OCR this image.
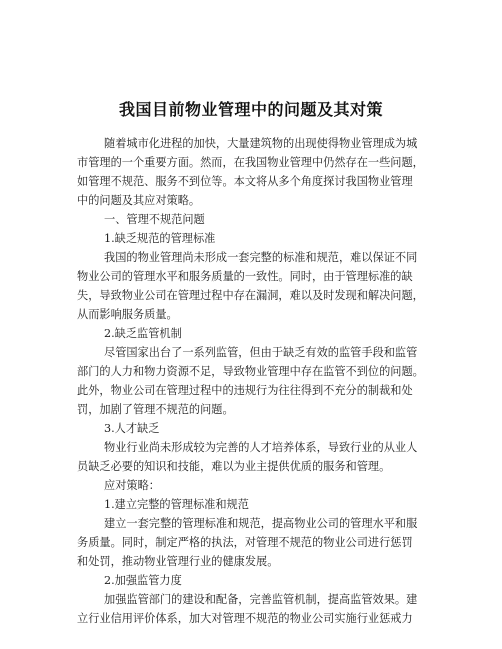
我国目前物业管理中的问题及其对策
随着城市化进程的加快，大量建筑物的出现使得物业管理成为城
市管理的一个重要方面。然而，在我国物业管理中仍然存在一些问题，
如管理不规范、服务不到位等。本文将从多个角度探讨我国物业管理
中的问题及其应对策略。
一、管理不规范问题
1.缺乏规范的管理标准
我国的物业管理尚未形成一套完整的标准和规范，难以保证不同
物业公司的管理水平和服务质量的一致性。同时，由于管理标准的缺
失，导致物业公司在管理过程中存在漏洞，难以及时发现和解决问题，
从而影响服务质量。
2.缺乏监管机制
尽管国家出台了一系列监管，但由于缺乏有效的监管手段和监管
部门的人力和物力资源不足，导致物业管理中存在监管不到位的问题。
此外，物业公司在管理过程中的违规行为往往得到不充分的制裁和处
罚，加剧了管理不规范的问题。
3.人才缺乏
物业行业尚未形成较为完善的人才培养体系，导致行业的从业人
员缺乏必要的知识和技能，难以为业主提供优质的服务和管理。
应对策略：
1.建立完整的管理标准和规范
建立一套完整的管理标准和规范，提高物业公司的管理水平和服
务质量。同时，制定严格的执法，对管理不规范的物业公司进行惩罚
和处罚，推动物业管理行业的健康发展。
2.加强监管力度
加强监管部门的建设和配备，完善监管机制，提高监管效果。建
立行业信用评价体系，加大对管理不规范的物业公司实施行业惩戒力
